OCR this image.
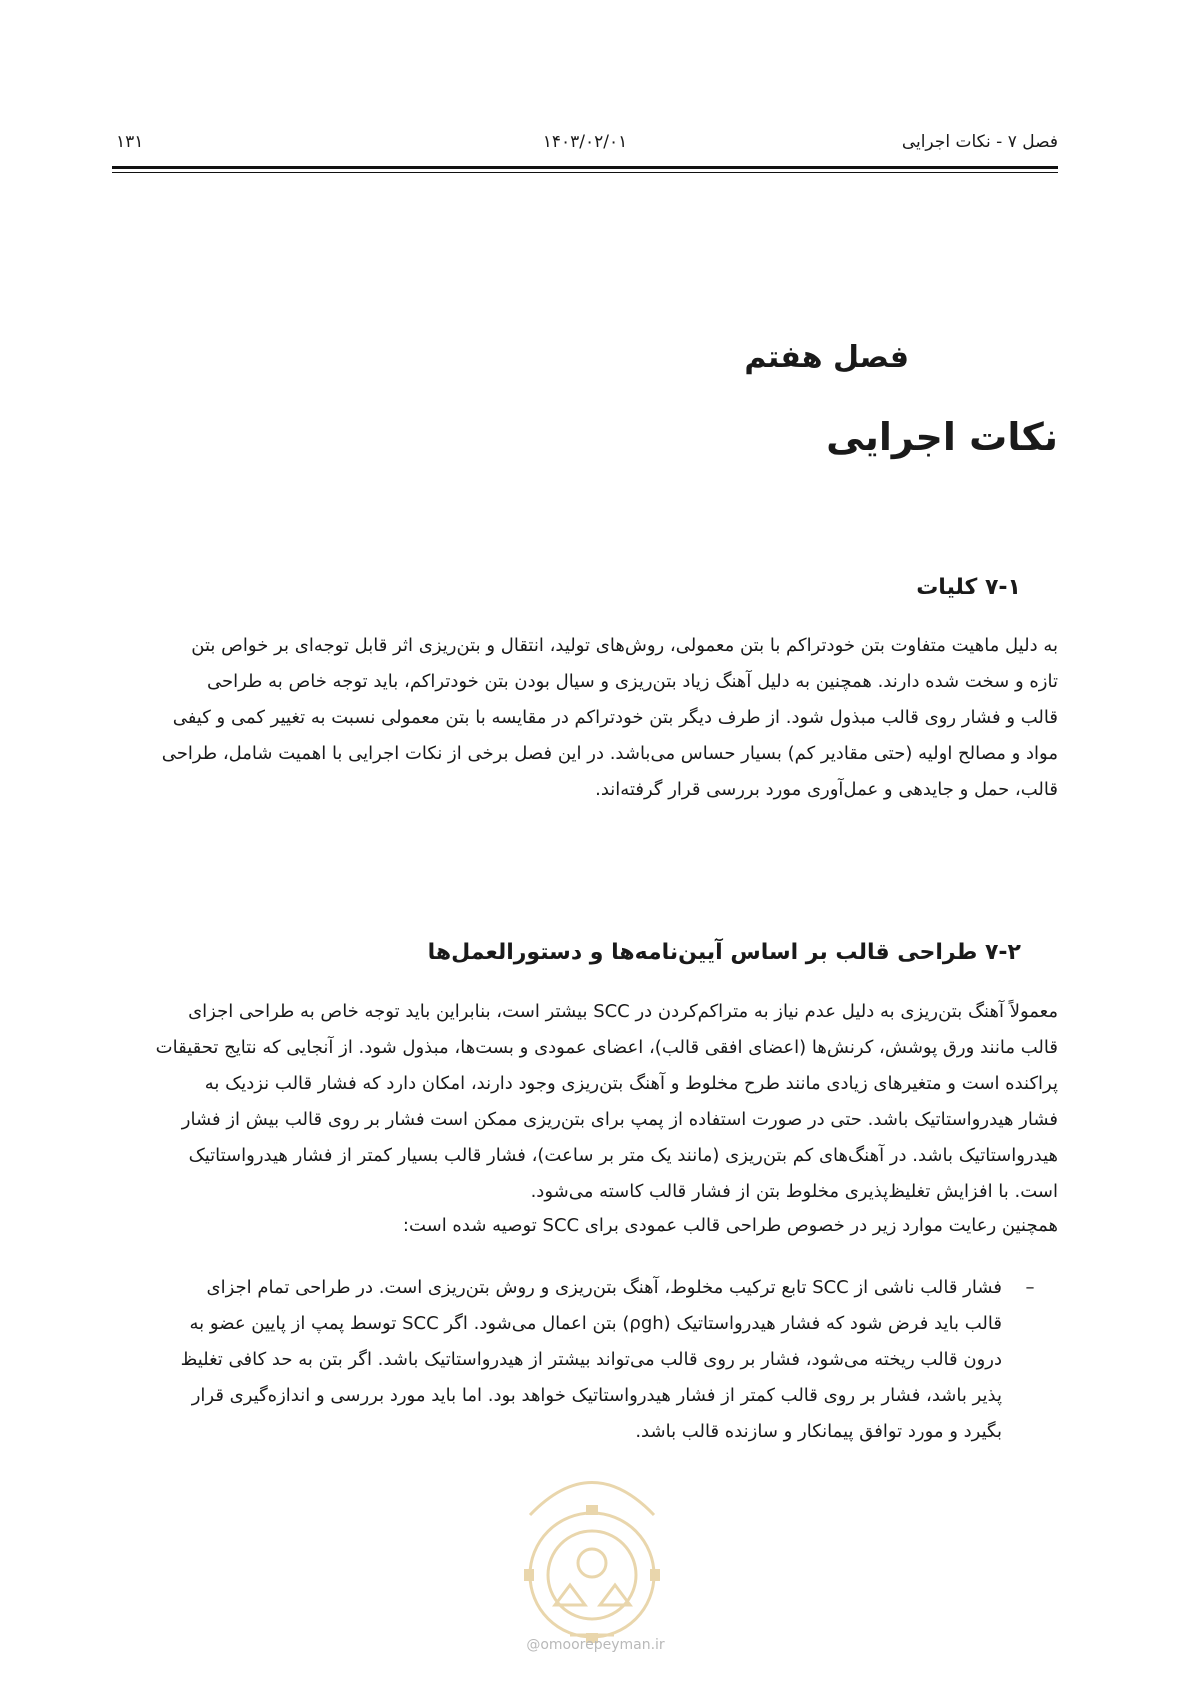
فصل ۷ - نکات اجرایی
۱۴۰۳/۰۲/۰۱
۱۳۱
فصل هفتم
نکات اجرایی
۷-۱ کلیات

به دلیل ماهیت متفاوت بتن خودتراکم با بتن معمولی، روش‌های تولید، انتقال و بتن‌ریزی اثر قابل توجه‌ای بر خواص بتن

تازه و سخت شده دارند. همچنین به دلیل آهنگ زیاد بتن‌ریزی و سیال بودن بتن خودتراکم، باید توجه خاص به طراحی

قالب و فشار روی قالب مبذول شود. از طرف دیگر بتن خودتراکم در مقایسه با بتن معمولی نسبت به تغییر کمی و کیفی

مواد و مصالح اولیه (حتی مقادیر کم) بسیار حساس می‌باشد. در این فصل برخی از نکات اجرایی با اهمیت شامل، طراحی

قالب، حمل و جایدهی و عمل‌آوری مورد بررسی قرار گرفته‌اند.

۷-۲ طراحی قالب بر اساس آیین‌نامه‌ها و دستورالعمل‌ها

معمولاً آهنگ بتن‌ریزی به دلیل عدم نیاز به متراکم‌کردن در SCC بیشتر است، بنابراین باید توجه خاص به طراحی اجزای

قالب مانند ورق پوشش، کرنش‌ها (اعضای افقی قالب)، اعضای عمودی و بست‌ها، مبذول شود. از آنجایی که نتایج تحقیقات

پراکنده است و متغیرهای زیادی مانند طرح مخلوط و آهنگ بتن‌ریزی وجود دارند، امکان دارد که فشار قالب نزدیک به

فشار هیدرواستاتیک باشد. حتی در صورت استفاده از پمپ برای بتن‌ریزی ممکن است فشار بر روی قالب بیش از فشار

هیدرواستاتیک باشد. در آهنگ‌های کم بتن‌ریزی (مانند یک متر بر ساعت)، فشار قالب بسیار کمتر از فشار هیدرواستاتیک

است. با افزایش تغلیظ‌پذیری مخلوط بتن از فشار قالب کاسته می‌شود.

همچنین رعایت موارد زیر در خصوص طراحی قالب عمودی برای SCC توصیه شده است:
–
فشار قالب ناشی از SCC تابع ترکیب مخلوط، آهنگ بتن‌ریزی و روش بتن‌ریزی است. در طراحی تمام اجزای
قالب باید فرض شود که فشار هیدرواستاتیک (ρgh) بتن اعمال می‌شود. اگر SCC توسط پمپ از پایین عضو به
درون قالب ریخته می‌شود، فشار بر روی قالب می‌تواند بیشتر از هیدرواستاتیک باشد. اگر بتن به حد کافی تغلیظ
پذیر باشد، فشار بر روی قالب کمتر از فشار هیدرواستاتیک خواهد بود. اما باید مورد بررسی و اندازه‌گیری قرار
بگیرد و مورد توافق پیمانکار و سازنده قالب باشد.
@omoorepeyman.ir
